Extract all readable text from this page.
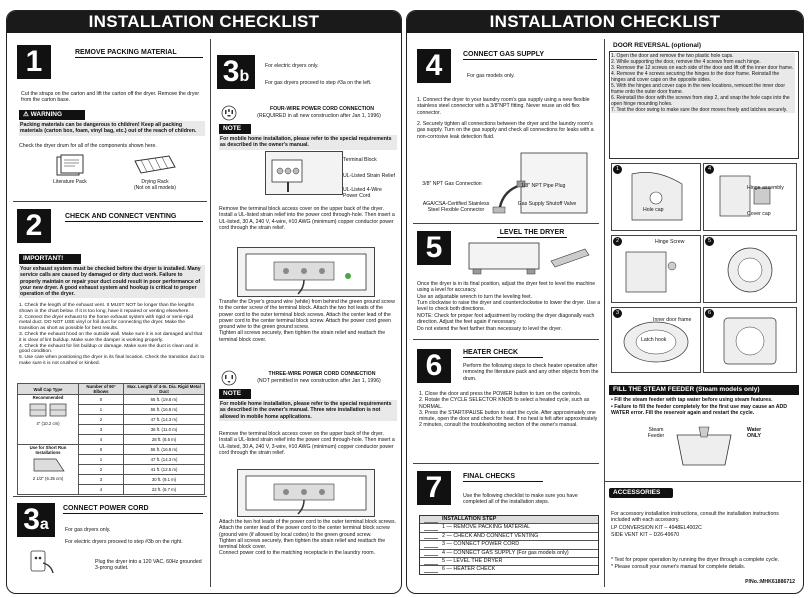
INSTALLATION CHECKLIST
1	REMOVE PACKING MATERIAL
Cut the straps on the carton and lift the carton off the dryer. Remove the dryer from the carton base.
⚠ WARNING
Packing materials can be dangerous to children! Keep all packing materials (carton box, foam, vinyl bag, etc.) out of the reach of children.
Check the dryer drum for all of the components shown here.
Literature Pack	Drying Rack
(Not on all models)
2	CHECK AND CONNECT VENTING
IMPORTANT!
Your exhaust system must be checked before the dryer is installed. Many service calls are caused by damaged or dirty duct work. Failure to properly maintain or repair your duct could result in poor performance of your new dryer. A good exhaust system and hookup is critical to proper operation of the dryer.
1. Check the length of the exhaust vent. It MUST NOT be longer than the lengths shown in the chart below. If it is too long, have it repaired or venting elsewhere.
2. Connect the dryer exhaust to the home exhaust system with rigid or semi-rigid metal duct. DO NOT USE vinyl or foil duct for connecting the dryer. Make the transition as short as possible for best results.
3. Check the exhaust hood on the outside wall. Make sure it is not damaged and that it is clear of lint buildup. Make sure the damper is working properly.
4. Check the exhaust for lint buildup or damage. Make sure the duct is clean and in good condition.
5. Use care when positioning the dryer in its final location. Check the transition duct to make sure it is not crushed or kinked.
Wall Cap Type	Number of 90° Elbows	Max. Length of 4-In. Dia. Rigid Metal Duct

Recommended
4" (10.2 cm)	0	65 ft. (19.8 m)
	1	55 ft. (16.8 m)
	2	47 ft. (14.3 m)
	3	36 ft. (11.0 m)
	4	28 ft. (8.5 m)

Use for Short Run Installations
2 1/2" (6.35 cm)	0	55 ft. (16.8 m)
	1	47 ft. (14.3 m)
	2	41 ft. (12.5 m)
	3	30 ft. (9.1 m)
	4	22 ft. (6.7 m)
3a
CONNECT POWER CORD
For gas dryers only.
For electric dryers proceed to step #3b on the right.
Plug the dryer into a 120 VAC, 60Hz grounded 3-prong outlet.
3b
For electric dryers only.
For gas dryers proceed to step #3a on the left.
FOUR-WIRE POWER CORD CONNECTION
(REQUIRED in all new construction after Jan 1, 1996)
NOTE
For mobile home installation, please refer to the special requirements as described in the owner's manual.
Terminal Block
UL-Listed Strain Relief
UL-Listed 4-Wire Power Cord
Remove the terminal block access cover on the upper back of the dryer. Install a UL-listed strain relief into the power cord through-hole. Then insert a UL-listed, 30 A, 240 V, 4-wire, #10 AWG (minimum) copper conductor power cord through the strain relief.
Transfer the Dryer's ground wire (white) from behind the green ground screw to the center screw of the terminal block. Attach the two hot leads of the power cord to the outer terminal block screws. Attach the center lead of the power cord to the center terminal block screw. Attach the power cord green ground wire to the green ground screw.
Tighten all screws securely, then tighten the strain relief and reattach the terminal block cover.
THREE-WIRE POWER CORD CONNECTION
(NOT permitted in new construction after Jan 1, 1996)
NOTE
For mobile home installation, please refer to the special requirements as described in the owner's manual. Three wire installation is not allowed in mobile home applications.
Remove the terminal block access cover on the upper back of the dryer. Install a UL-listed strain relief into the power cord through-hole. Then insert a UL-listed, 30 A, 240 V, 3-wire, #10 AWG (minimum) copper conductor power cord through the strain relief.
Attach the two hot leads of the power cord to the outer terminal block screws. Attach the center lead of the power cord to the center terminal block screw (ground wire (if allowed by local codes) to the green ground screw.
Tighten all screws securely, then tighten the strain relief and reattach the terminal block cover.
Connect power cord to the matching receptacle in the laundry room.
INSTALLATION CHECKLIST
4	CONNECT GAS SUPPLY
For gas models only.
1. Connect the dryer to your laundry room's gas supply using a new flexible stainless steel connector with a 3/8"NPT fitting. Never reuse an old flex connector.
2. Securely tighten all connections between the dryer and the laundry room's gas supply. Turn on the gas supply and check all connections for leaks with a non-corrosive leak detection fluid.
3/8" NPT Gas Connection	1/8" NPT Pipe Plug
AGA/CSA-Certified Stainless Steel Flexible Connector
Gas Supply Shutoff Valve
5	LEVEL THE DRYER
Once the dryer is in its final position, adjust the dryer feet to level the machine using a level for accuracy.
Use an adjustable wrench to turn the leveling feet.
Turn clockwise to raise the dryer and counterclockwise to lower the dryer. Use a level to check both directions.
NOTE: Check for proper foot adjustment by rocking the dryer diagonally each direction. Adjust the feet again if necessary.
Do not extend the feet farther than necessary to level the dryer.
6	HEATER CHECK
Perform the following steps to check heater operation after removing the literature pack and any other objects from the drum.
1. Close the door and press the POWER button to turn on the controls.
2. Rotate the CYCLE SELECTOR KNOB to select a heated cycle, such as NORMAL.
3. Press the START/PAUSE button to start the cycle. After approximately one minute, open the door and check for heat. If no heat is felt after approximately 2 minutes, consult the troubleshooting section of the owner's manual.
7	FINAL CHECKS
Use the following checklist to make sure you have completed all of the installation steps.
INSTALLATION STEP
1 — REMOVE PACKING MATERIAL
2 — CHECK AND CONNECT VENTING
3 — CONNECT POWER CORD
4 — CONNECT GAS SUPPLY (For gas models only)
5 — LEVEL THE DRYER
6 — HEATER CHECK
DOOR REVERSAL (optional)
1. Open the door and remove the two plastic hole caps.
2. While supporting the door, remove the 4 screws from each hinge.
3. Remove the 12 screws on each side of the door and lift off the inner door frame.
4. Remove the 4 screws securing the hinges to the door frame. Reinstall the hinges and cover caps on the opposite sides.
5. With the hinges and cover caps in the new locations, remount the inner door frame onto the outer door frame.
6. Reinstall the door with the screws from step 2, and snap the hole caps into the open hinge mounting holes.
7. Test the door swing to make sure the door moves freely and latches securely.
1
Hole cap
4
Hinge assembly
Cover cap
2	Hinge Screw	5
3
Inner door frame
Latch hook
6
FILL THE STEAM FEEDER (Steam models only)
• Fill the steam feeder with tap water before using steam features.
• Failure to fill the feeder completely for the first use may cause an ADD WATER error. Fill the reservoir again and restart the cycle.
Steam Feeder
Water ONLY
ACCESSORIES
For accessory installation instructions, consult the installation instructions included with each accessory.
LP CONVERSION KIT – 4948EL4002C
SIDE VENT KIT – D26-49670
* Test for proper operation by running the dryer through a complete cycle.
* Please consult your owner's manual for complete details.
P/No.:MHK61886712
